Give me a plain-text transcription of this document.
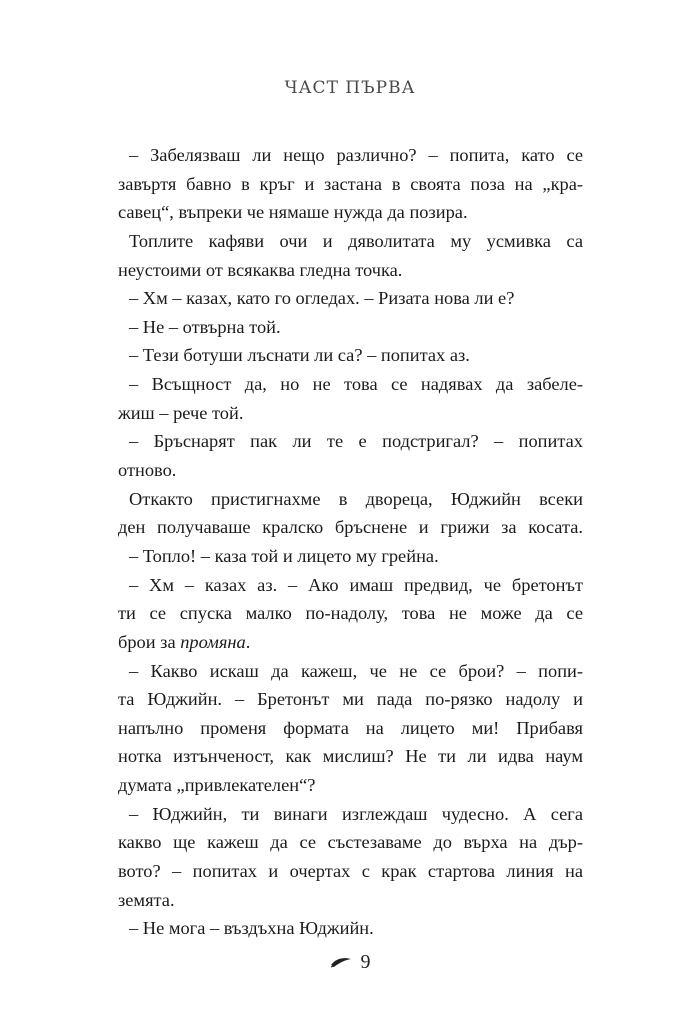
ЧАСТ ПЪРВА
– Забелязваш ли нещо различно? – попита, като се
завъртя бавно в кръг и застана в своята поза на „кра-
савец“, въпреки че нямаше нужда да позира.
Топлите кафяви очи и дяволитата му усмивка са
неустоими от всякаква гледна точка.
– Хм – казах, като го огледах. – Ризата нова ли е?
– Не – отвърна той.
– Тези ботуши лъснати ли са? – попитах аз.
– Всъщност да, но не това се надявах да забеле-
жиш – рече той.
– Бръснарят пак ли те е подстригал? – попитах
отново.
Откакто пристигнахме в двореца, Юджийн всеки
ден получаваше кралско бръснене и грижи за косата.
– Топло! – каза той и лицето му грейна.
– Хм – казах аз. – Ако имаш предвид, че бретонът
ти се спуска малко по-надолу, това не може да се
брои за промяна.
– Какво искаш да кажеш, че не се брои? – попи-
та Юджийн. – Бретонът ми пада по-рязко надолу и
напълно променя формата на лицето ми! Прибавя
нотка изтънченост, как мислиш? Не ти ли идва наум
думата „привлекателен“?
– Юджийн, ти винаги изглеждаш чудесно. А сега
какво ще кажеш да се състезаваме до върха на дър-
вото? – попитах и очертах с крак стартова линия на
земята.
– Не мога – въздъхна Юджийн.
9
